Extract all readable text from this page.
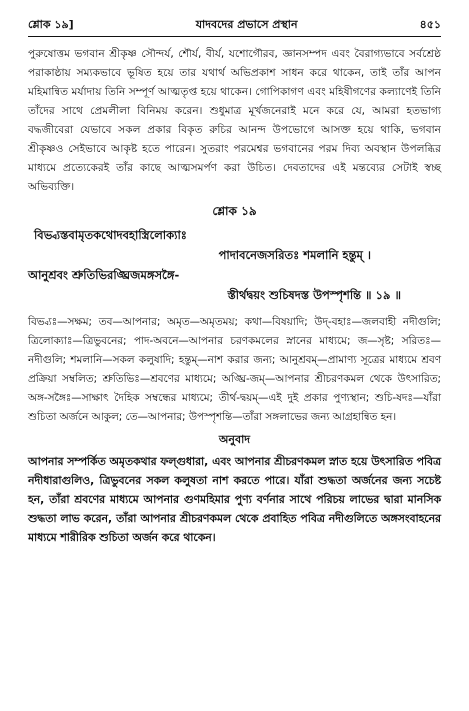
শ্লোক ১৯]	যাদবদের প্রভাসে প্রস্থান	৪৫১

পুরুষোত্তম ভগবান শ্রীকৃষ্ণ সৌন্দর্য, শৌর্য, বীর্য, যশোগৌরব, জ্ঞানসম্পদ এবং বৈরাগ্যভাবে সর্বশ্রেষ্ঠ পরাকাষ্ঠায় সম্যকভাবে ভূষিত হয়ে তার যথার্থ অভিপ্রকাশ সাধন করে থাকেন, তাই তাঁর আপন মহিমান্বিত মর্যাদায় তিনি সম্পূর্ণ আত্মতৃপ্ত হয়ে থাকেন। গোপিকাগণ এবং মহিষীগণের কল্যাণেই তিনি তাঁদের সাথে প্রেমলীলা বিনিময় করেন। শুধুমাত্র মূর্খজনেরাই মনে করে যে, আমরা হতভাগ্য বদ্ধজীবেরা যেভাবে সকল প্রকার বিকৃত রুচির আনন্দ উপভোগে আসক্ত হয়ে থাকি, ভগবান শ্রীকৃষ্ণও সেইভাবে আকৃষ্ট হতে পারেন। সুতরাং পরমেশ্বর ভগবানের পরম দিব্য অবস্থান উপলব্ধির মাধ্যমে প্রত্যেকেরই তাঁর কাছে আত্মসমর্পণ করা উচিত। দেবতাদের এই মন্তব্যের সেটাই স্বচ্ছ অভিব্যক্তি।

শ্লোক ১৯
বিভ্ব্যস্তবামৃতকথোদবহাস্ত্রিলোক্যাঃ
পাদাবনেজসরিতঃ শমলানি হন্তুম্ ।
আনুশ্রবং শ্রুতিভিরঙ্ঘ্রিজমঙ্গসঙ্গৈ-
স্তীর্থদ্বয়ং শুচিষদস্ত উপস্পৃশন্তি ॥ ১৯ ॥

বিভ্ব্যঃ—সক্ষম; তব—আপনার; অমৃত—অমৃতময়; কথা—বিষয়াদি; উদ্-বহাঃ—জলবাহী নদীগুলি; ত্রিলোক্যাঃ—ত্রিভুবনের; পাদ-অবনে—আপনার চরণকমলের স্নানের মাধ্যমে; জ—সৃষ্ট; সরিতঃ—নদীগুলি; শমলানি—সকল কলুষাদি; হন্তুম্—নাশ করার জন্য; আনুশ্রবম্—প্রামাণ্য সূত্রের মাধ্যমে শ্রবণ প্রক্রিয়া সম্বলিত; শ্রুতিভিঃ—শ্রবণের মাধ্যমে; অঙ্ঘ্রি-জম্—আপনার শ্রীচরণকমল থেকে উৎসারিত; অঙ্গ-সঙ্গৈঃ—সাক্ষাৎ দৈহিক সম্বন্ধের মাধ্যমে; তীর্থ-দ্বয়ম্—এই দুই প্রকার পুণ্যস্থান; শুচি-ষদঃ—যাঁরা শুচিতা অর্জনে আকুল; তে—আপনার; উপস্পৃশন্তি—তাঁরা সঙ্গলাভের জন্য আগ্রহান্বিত হন।

অনুবাদ

আপনার সম্পর্কিত অমৃতকথার ফল্গুধারা, এবং আপনার শ্রীচরণকমল স্নাত হয়ে উৎসারিত পবিত্র নদীধারাগুলিও, ত্রিভুবনের সকল কলুষতা নাশ করতে পারে। যাঁরা শুদ্ধতা অর্জনের জন্য সচেষ্ট হন, তাঁরা শ্রবণের মাধ্যমে আপনার গুণমহিমার পুণ্য বর্ণনার সাথে পরিচয় লাভের দ্বারা মানসিক শুদ্ধতা লাভ করেন, তাঁরা আপনার শ্রীচরণকমল থেকে প্রবাহিত পবিত্র নদীগুলিতে অঙ্গসংবাহনের মাধ্যমে শারীরিক শুচিতা অর্জন করে থাকেন।
